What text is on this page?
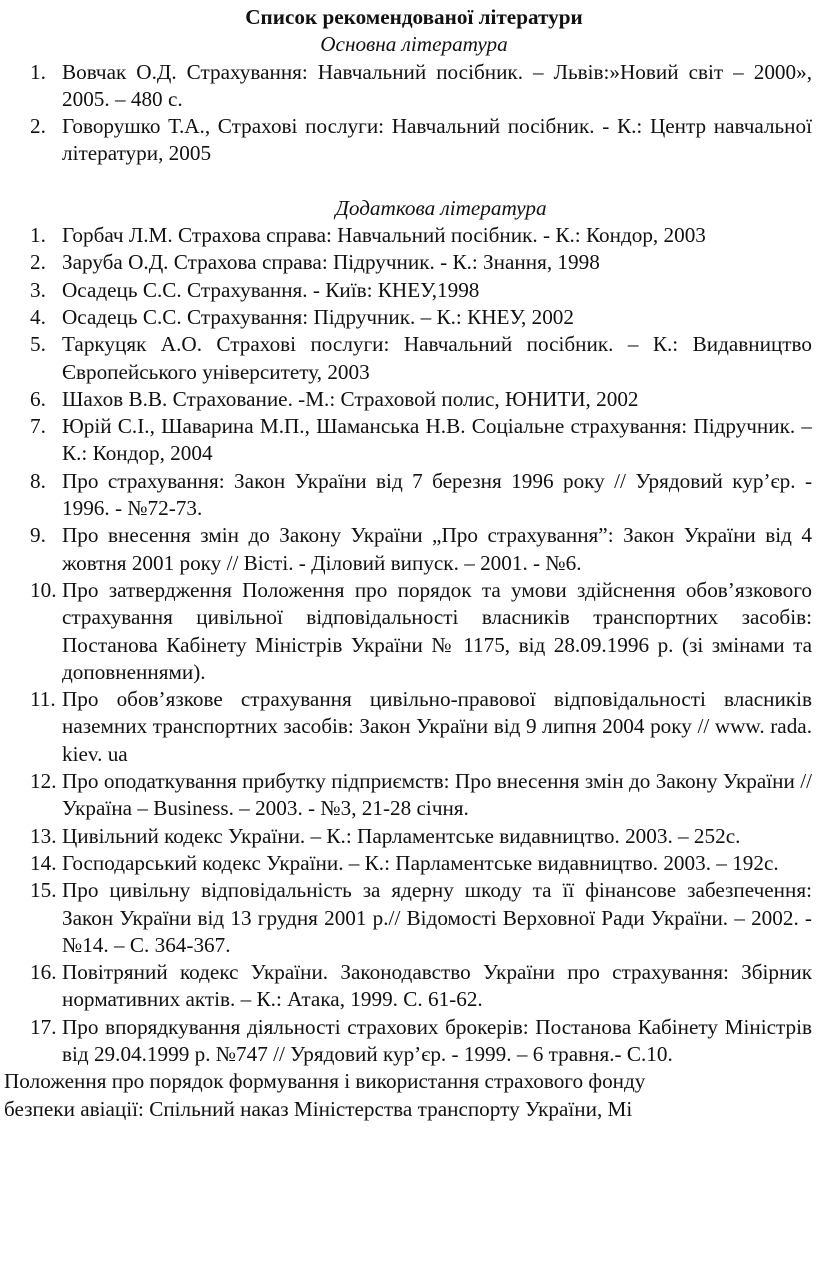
Список рекомендованої літератури

Основна література

1. Вовчак О.Д. Страхування: Навчальний посібник. – Львів:»Новий світ – 2000», 2005. – 480 с.
2. Говорушко Т.А., Страхові послуги: Навчальний посібник. - К.: Центр навчальної літератури, 2005

Додаткова література

1. Горбач Л.М. Страхова справа: Навчальний посібник. - К.: Кондор, 2003
2. Заруба О.Д. Страхова справа: Підручник. - К.: Знання, 1998
3. Осадець С.С. Страхування. - Київ: КНЕУ,1998
4. Осадець С.С. Страхування: Підручник. – К.: КНЕУ, 2002
5. Таркуцяк А.О. Страхові послуги: Навчальний посібник. – К.: Видавництво Європейського університету, 2003
6. Шахов В.В. Страхование. -М.: Страховой полис, ЮНИТИ, 2002
7. Юрій С.І., Шаварина М.П., Шаманська Н.В. Соціальне страхування: Підручник. – К.: Кондор, 2004
8. Про страхування: Закон України від 7 березня 1996 року // Урядовий кур’єр. - 1996. - №72-73.
9. Про внесення змін до Закону України „Про страхування”: Закон України від 4 жовтня 2001 року // Вісті. - Діловий випуск. – 2001. - №6.
10. Про затвердження Положення про порядок та умови здійснення обов’язкового страхування цивільної відповідальності власників транспортних засобів: Постанова Кабінету Міністрів України № 1175, від 28.09.1996 р. (зі змінами та доповненнями).
11. Про обов’язкове страхування цивільно-правової відповідальності власників наземних транспортних засобів: Закон України від 9 липня 2004 року // www. rada. kiev. ua
12. Про оподаткування прибутку підприємств: Про внесення змін до Закону України // Україна – Business. – 2003. - №3, 21-28 січня.
13. Цивільний кодекс України. – К.: Парламентське видавництво. 2003. – 252с.
14. Господарський кодекс України. – К.: Парламентське видавництво. 2003. – 192с.
15. Про цивільну відповідальність за ядерну шкоду та її фінансове забезпечення: Закон України від 13 грудня 2001 р.// Відомості Верховної Ради України. – 2002. - №14. – С. 364-367.
16. Повітряний кодекс України. Законодавство України про страхування: Збірник нормативних актів. – К.: Атака, 1999. С. 61-62.
17. Про впорядкування діяльності страхових брокерів: Постанова Кабінету Міністрів від 29.04.1999 р. №747 // Урядовий кур’єр. - 1999. – 6 травня.- С.10.

Положення про порядок формування і використання страхового фонду

безпеки авіації: Спільний наказ Міністерства транспорту України, Мі
